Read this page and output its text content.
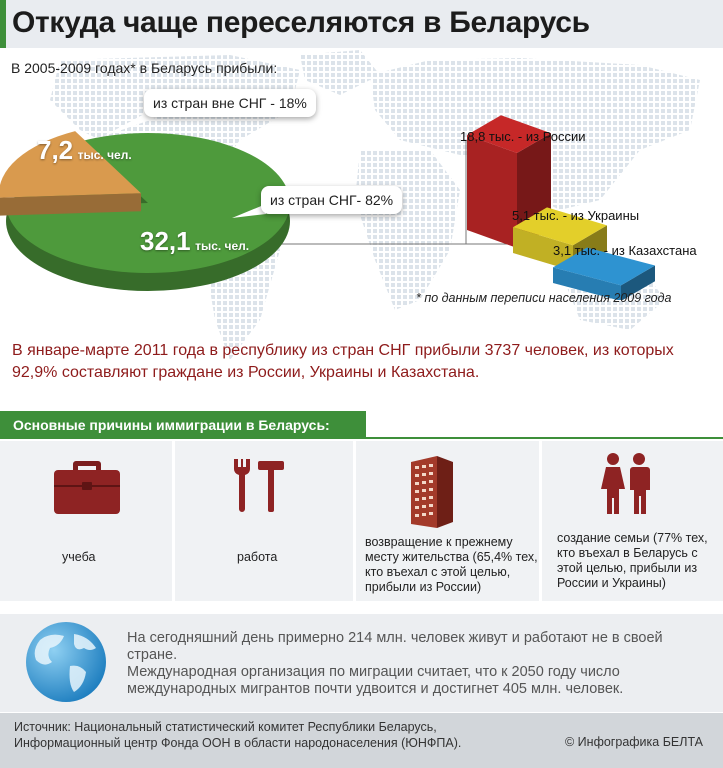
Откуда чаще переселяются в Беларусь
В 2005-2009 годах* в Беларусь прибыли:
из стран вне СНГ - 18%
из стран СНГ- 82%
7,2 тыс. чел.
32,1 тыс. чел.
18,8 тыс. - из России
5,1 тыс. - из Украины
3,1 тыс. - из Казахстана
* по данным переписи населения 2009 года
В январе-марте 2011 года в республику из стран СНГ прибыли 3737 человек, из которых 92,9% составляют граждане из России, Украины и Казахстана.
Основные причины иммиграции в Беларусь:
учеба	работа
возвращение к прежнему месту жительства (65,4% тех, кто въехал с этой целью, прибыли из России)
создание семьи (77% тех, кто въехал в Беларусь с этой целью, прибыли из России и Украины)
На сегодняшний день примерно 214 млн. человек живут и работают не в своей стране.
Международная организация по миграции считает, что к 2050 году число международных мигрантов почти удвоится и достигнет 405 млн. человек.
Источник: Национальный статистический комитет Республики Беларусь,
Информационный центр Фонда ООН в области народонаселения (ЮНФПА).	© Инфографика БЕЛТА
